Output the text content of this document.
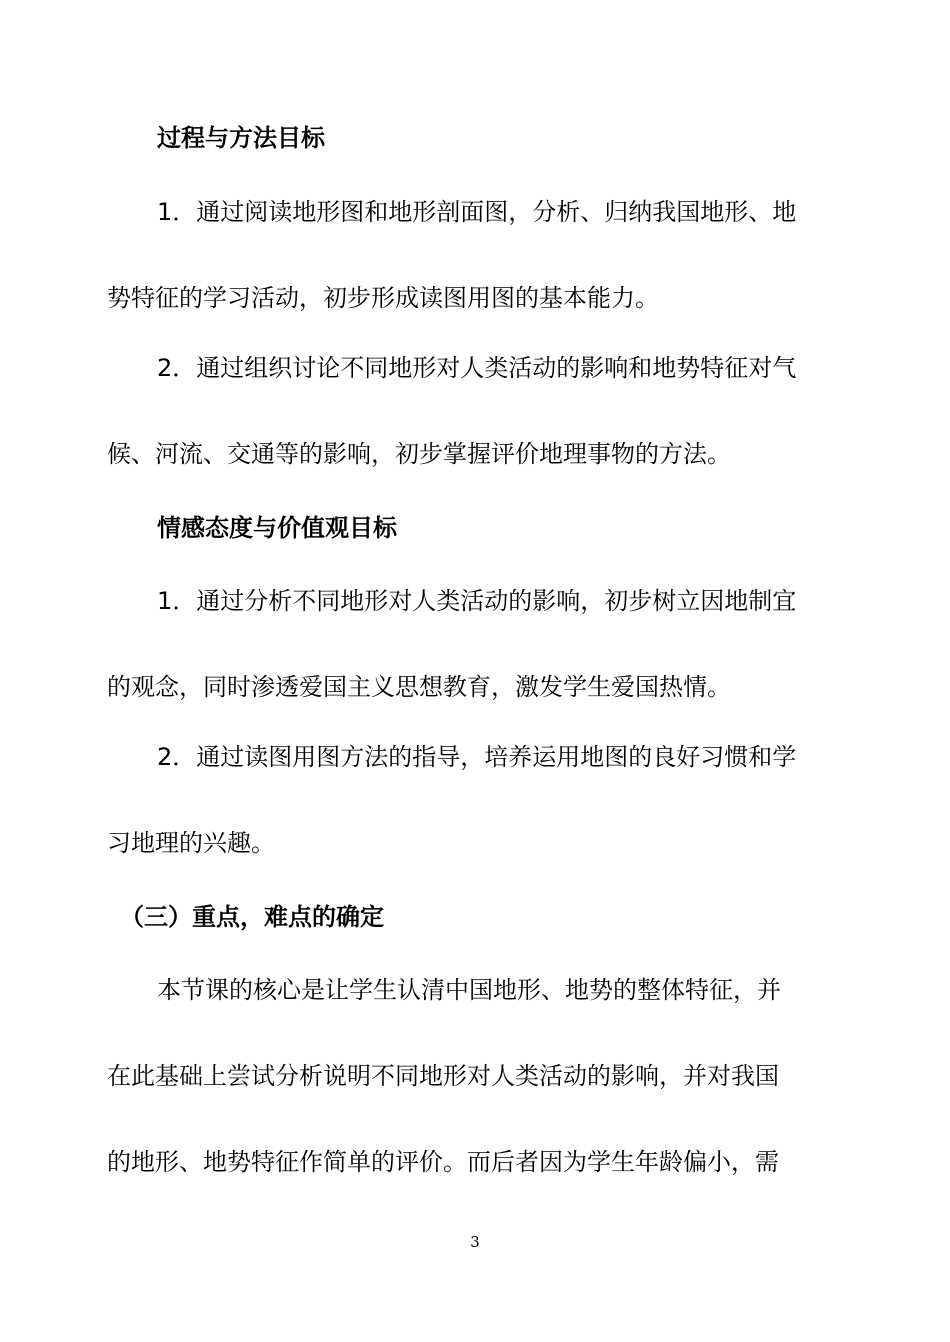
过程与方法目标
1．通过阅读地形图和地形剖面图，分析、归纳我国地形、地
势特征的学习活动，初步形成读图用图的基本能力。
2．通过组织讨论不同地形对人类活动的影响和地势特征对气
候、河流、交通等的影响，初步掌握评价地理事物的方法。
情感态度与价值观目标
1．通过分析不同地形对人类活动的影响，初步树立因地制宜
的观念，同时渗透爱国主义思想教育，激发学生爱国热情。
2．通过读图用图方法的指导，培养运用地图的良好习惯和学
习地理的兴趣。
（三）重点，难点的确定
本节课的核心是让学生认清中国地形、地势的整体特征，并
在此基础上尝试分析说明不同地形对人类活动的影响，并对我国
的地形、地势特征作简单的评价。而后者因为学生年龄偏小，需
3
